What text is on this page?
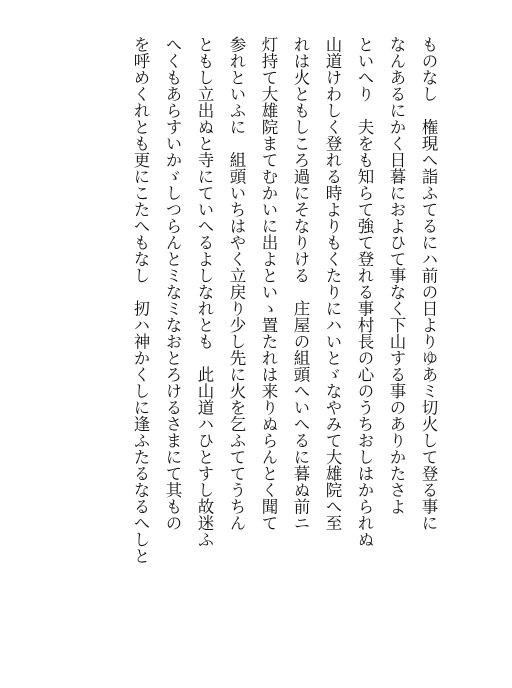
ものなし　権現へ詣ふてるにハ前の日よりゆあミ切火して登る事に
なんあるにかく日暮におよひて事なく下山する事のありかたさよ
といへり　夫をも知らて強て登れる事村長の心のうちおしはかられぬ
山道けわしく登れる時よりもくたりにハいとゞなやみて大雄院へ至
れは火ともしころ過にそなりける　庄屋の組頭へいへるに暮ぬ前ニ
灯持て大雄院まてむかいに出よといゝ置たれは来りぬらんとく聞て
参れといふに　組頭いちはやく立戻り少し先に火を乞ふててうちん
ともし立出ぬと寺にていへるよしなれとも　此山道ハひとすし故迷ふ
へくもあらすいかゞしつらんとミなミなおとろけるさまにて其もの
を呼めくれとも更にこたへもなし　扨ハ神かくしに逢ふたるなるへしと
